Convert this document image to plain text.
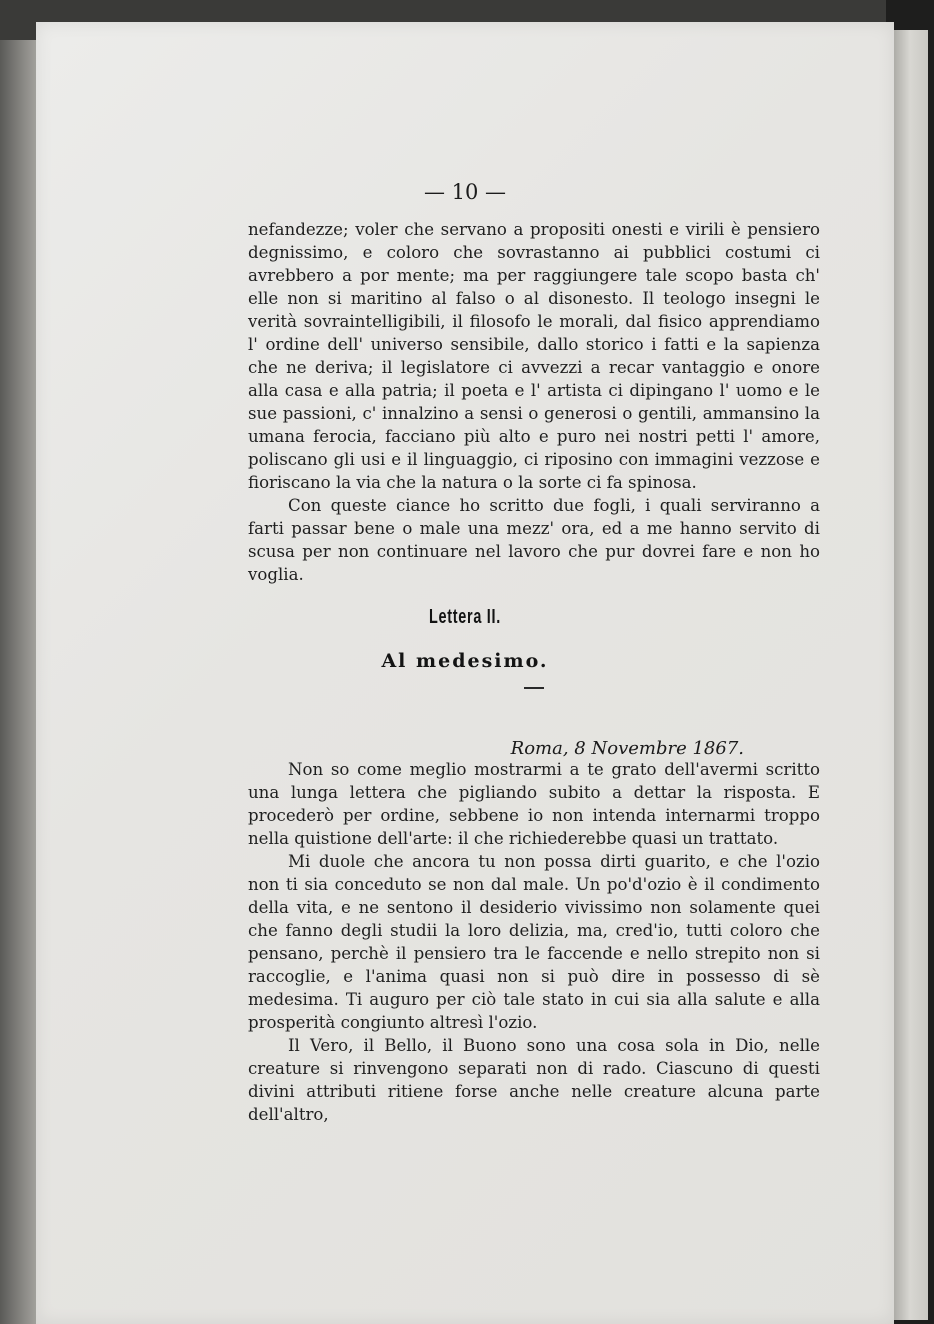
— 10 —

nefandezze; voler che servano a propositi onesti e virili è pensiero degnissimo, e coloro che sovrastanno ai pubblici costumi ci avrebbero a por mente; ma per raggiungere tale scopo basta ch' elle non si maritino al falso o al disonesto. Il teologo insegni le verità sovraintelligibili, il filosofo le morali, dal fisico apprendiamo l' ordine dell' universo sensibile, dallo storico i fatti e la sapienza che ne deriva; il legislatore ci avvezzi a recar vantaggio e onore alla casa e alla patria; il poeta e l' artista ci dipingano l' uomo e le sue passioni, c' innalzino a sensi o generosi o gentili, ammansino la umana ferocia, facciano più alto e puro nei nostri petti l' amore, poliscano gli usi e il linguaggio, ci riposino con immagini vezzose e fioriscano la via che la natura o la sorte ci fa spinosa.

Con queste ciance ho scritto due fogli, i quali serviranno a farti passar bene o male una mezz' ora, ed a me hanno servito di scusa per non continuare nel lavoro che pur dovrei fare e non ho voglia.

Lettera II.
Al medesimo.
Roma, 8 Novembre 1867.

Non so come meglio mostrarmi a te grato dell'avermi scritto una lunga lettera che pigliando subito a dettar la risposta. E procederò per ordine, sebbene io non intenda internarmi troppo nella quistione dell'arte: il che richiederebbe quasi un trattato.

Mi duole che ancora tu non possa dirti guarito, e che l'ozio non ti sia conceduto se non dal male. Un po'd'ozio è il condimento della vita, e ne sentono il desiderio vivissimo non solamente quei che fanno degli studii la loro delizia, ma, cred'io, tutti coloro che pensano, perchè il pensiero tra le faccende e nello strepito non si raccoglie, e l'anima quasi non si può dire in possesso di sè medesima. Ti auguro per ciò tale stato in cui sia alla salute e alla prosperità congiunto altresì l'ozio.

Il Vero, il Bello, il Buono sono una cosa sola in Dio, nelle creature si rinvengono separati non di rado. Ciascuno di questi divini attributi ritiene forse anche nelle creature alcuna parte dell'altro,
